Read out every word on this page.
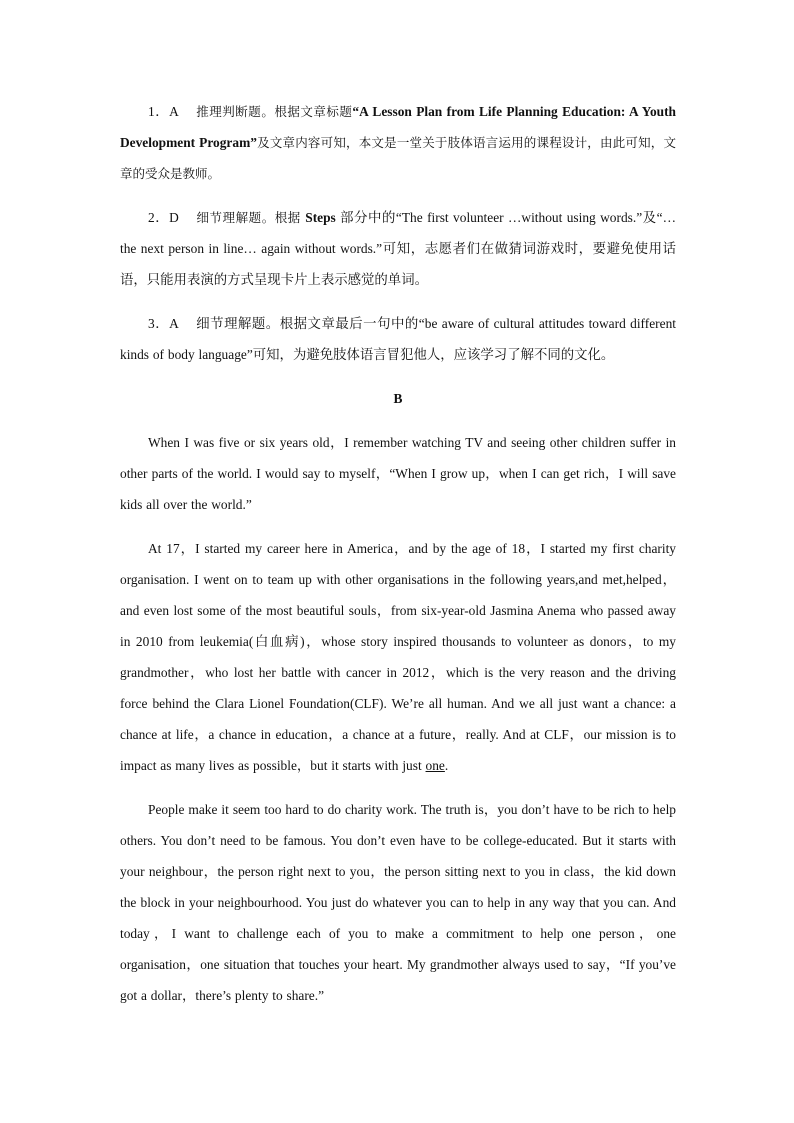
1．A 推理判断题。根据文章标题“A Lesson Plan from Life Planning Education: A Youth Development Program”及文章内容可知，本文是一堂关于肢体语言运用的课程设计，由此可知，文章的受众是教师。

2．D 细节理解题。根据 Steps 部分中的“The first volunteer …without using words.”及“…the next person in line… again without words.”可知，志愿者们在做猜词游戏时，要避免使用话语，只能用表演的方式呈现卡片上表示感觉的单词。

3．A 细节理解题。根据文章最后一句中的“be aware of cultural attitudes toward different kinds of body language”可知，为避免肢体语言冒犯他人，应该学习了解不同的文化。

B

When I was five or six years old，I remember watching TV and seeing other children suffer in other parts of the world. I would say to myself，“When I grow up，when I can get rich，I will save kids all over the world.”

At 17，I started my career here in America，and by the age of 18，I started my first charity organisation. I went on to team up with other organisations in the following years,and met,helped，and even lost some of the most beautiful souls，from six-year-old Jasmina Anema who passed away in 2010 from leukemia(白血病)，whose story inspired thousands to volunteer as donors，to my grandmother，who lost her battle with cancer in 2012，which is the very reason and the driving force behind the Clara Lionel Foundation(CLF). We’re all human. And we all just want a chance: a chance at life，a chance in education，a chance at a future，really. And at CLF，our mission is to impact as many lives as possible，but it starts with just one.

People make it seem too hard to do charity work. The truth is，you don’t have to be rich to help others. You don’t need to be famous. You don’t even have to be college-educated. But it starts with your neighbour，the person right next to you，the person sitting next to you in class，the kid down the block in your neighbourhood. You just do whatever you can to help in any way that you can. And today，I want to challenge each of you to make a commitment to help one person，one organisation，one situation that touches your heart. My grandmother always used to say，“If you’ve got a dollar，there’s plenty to share.”
